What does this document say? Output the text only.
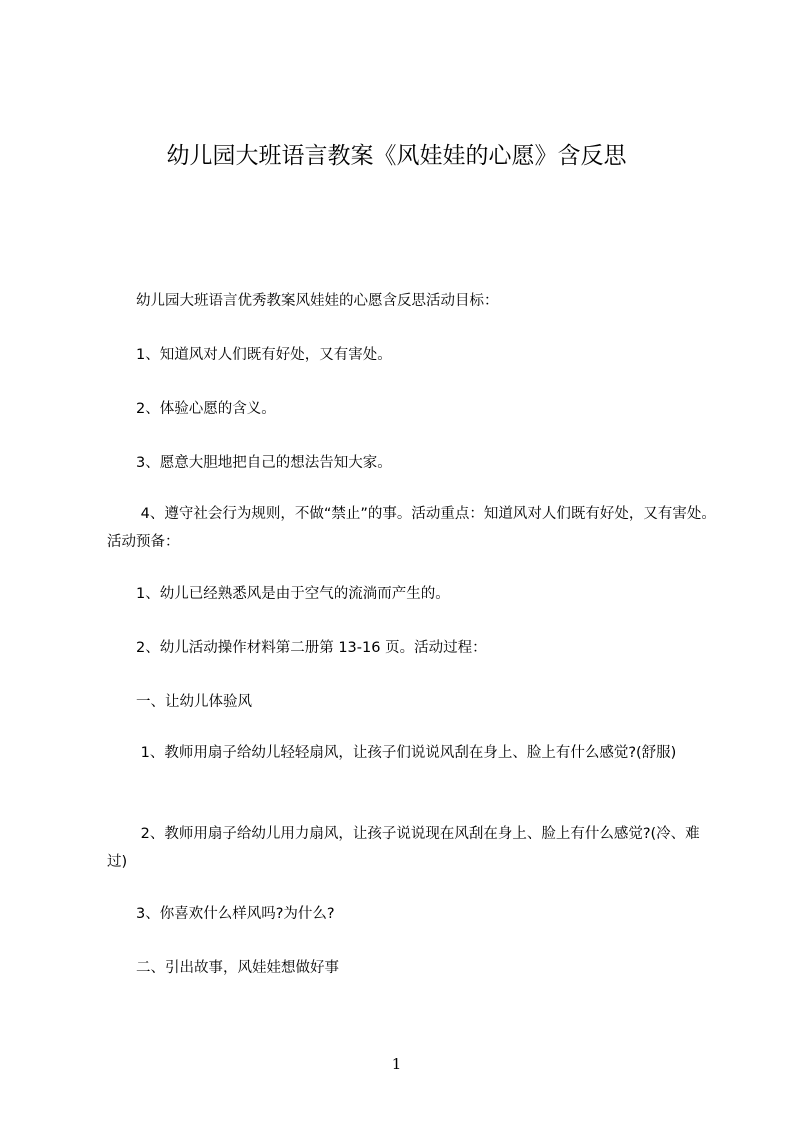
幼儿园大班语言教案《风娃娃的心愿》含反思

　　幼儿园大班语言优秀教案风娃娃的心愿含反思活动目标：

　　1、知道风对人们既有好处，又有害处。

　　2、体验心愿的含义。

　　3、愿意大胆地把自己的想法告知大家。

　　 4、遵守社会行为规则，不做“禁止”的事。活动重点：知道风对人们既有好处，又有害处。活动预备：

　　1、幼儿已经熟悉风是由于空气的流淌而产生的。

　　2、幼儿活动操作材料第二册第 13-16 页。活动过程：

　　一、让幼儿体验风

　　 1、教师用扇子给幼儿轻轻扇风，让孩子们说说风刮在身上、脸上有什么感觉?(舒服)

　　 2、教师用扇子给幼儿用力扇风，让孩子说说现在风刮在身上、脸上有什么感觉?(冷、难过)

　　3、你喜欢什么样风吗?为什么?

　　二、引出故事，风娃娃想做好事

1
